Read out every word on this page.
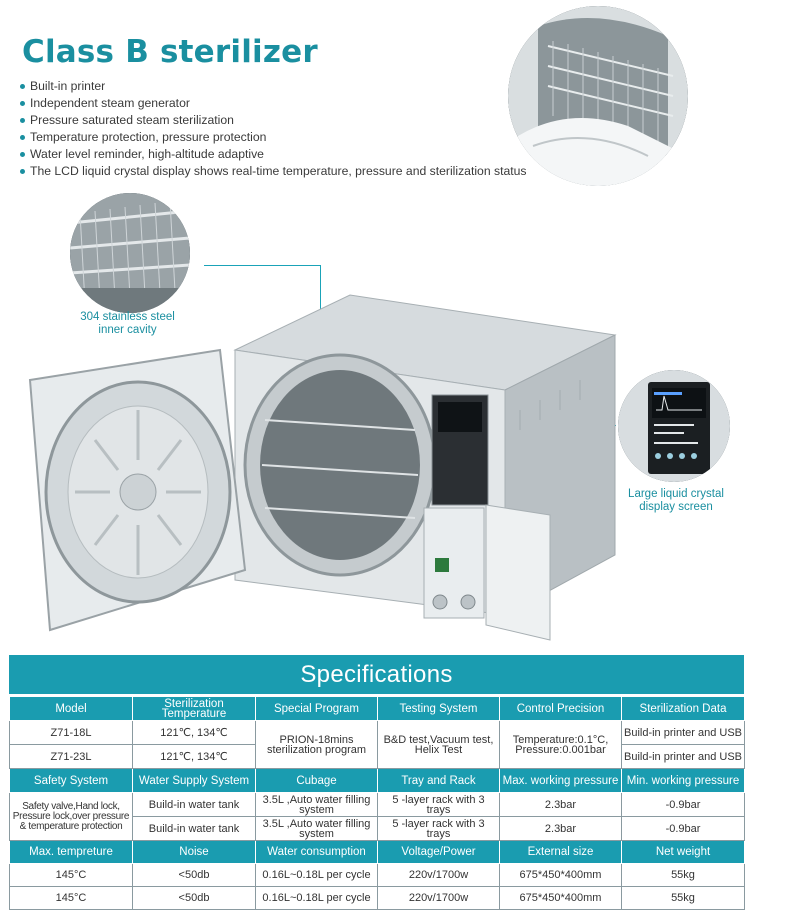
Class B sterilizer
Built-in printer
Independent steam generator
Pressure saturated steam sterilization
Temperature protection, pressure protection
Water level reminder, high-altitude adaptive
The LCD liquid crystal display shows real-time temperature, pressure and sterilization status
304 stainless steel
inner cavity
Large liquid crystal
display screen
Specifications
Model	Sterilization Temperature	Special Program	Testing System	Control Precision	Sterilization Data
Z71-18L	121℃, 134℃	PRION-18mins sterilization program	B&D test,Vacuum test, Helix Test	Temperature:0.1°C, Pressure:0.001bar	Build-in printer and USB
Z71-23L	121℃, 134℃				Build-in printer and USB
Safety System	Water Supply System	Cubage	Tray and Rack	Max. working pressure	Min. working pressure
Safety valve,Hand lock, Pressure lock,over pressure & temperature protection	Build-in water tank	3.5L ,Auto water filling system	5 -layer rack with 3 trays	2.3bar	-0.9bar
	Build-in water tank	3.5L ,Auto water filling system	5 -layer rack with 3 trays	2.3bar	-0.9bar
Max. tempreture	Noise	Water consumption	Voltage/Power	External size	Net weight
145°C	<50db	0.16L~0.18L per cycle	220v/1700w	675*450*400mm	55kg
145°C	<50db	0.16L~0.18L per cycle	220v/1700w	675*450*400mm	55kg
